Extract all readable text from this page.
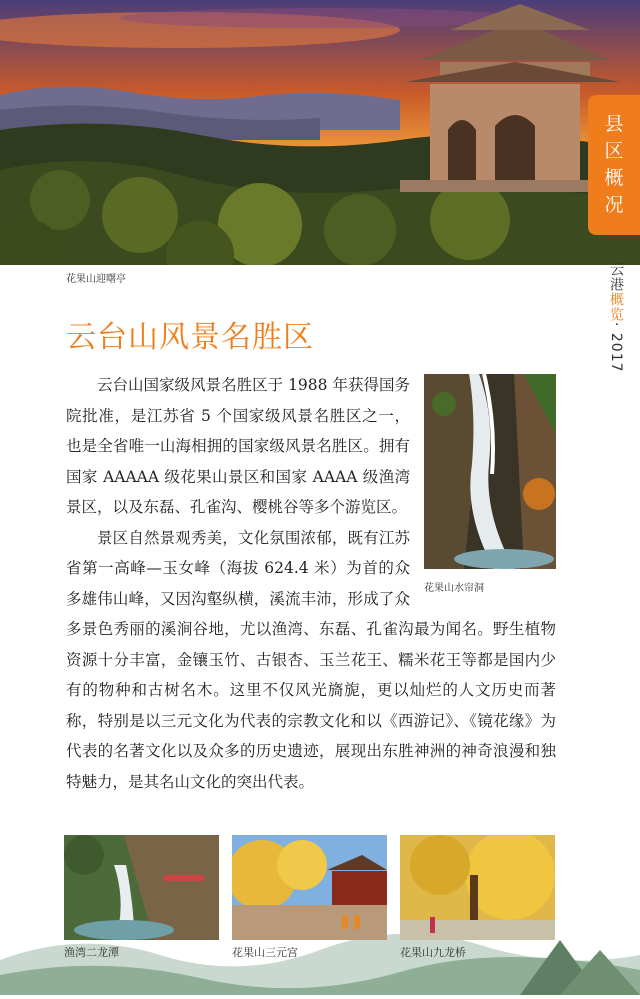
县
区
概
况
花果山迎曙亭	云港概览· 2017
云台山风景名胜区
花果山水帘洞

云台山国家级风景名胜区于 1988 年获得国务院批准，是江苏省 5 个国家级风景名胜区之一，也是全省唯一山海相拥的国家级风景名胜区。拥有国家 AAAAA 级花果山景区和国家 AAAA 级渔湾景区，以及东磊、孔雀沟、樱桃谷等多个游览区。

景区自然景观秀美，文化氛围浓郁，既有江苏省第一高峰—玉女峰（海拔 624.4 米）为首的众多雄伟山峰，又因沟壑纵横，溪流丰沛，形成了众多景色秀丽的溪涧谷地，尤以渔湾、东磊、孔雀沟最为闻名。野生植物资源十分丰富，金镶玉竹、古银杏、玉兰花王、糯米花王等都是国内少有的物种和古树名木。这里不仅风光旖旎，更以灿烂的人文历史而著称，特别是以三元文化为代表的宗教文化和以《西游记》、《镜花缘》为代表的名著文化以及众多的历史遗迹，展现出东胜神洲的神奇浪漫和独特魅力，是其名山文化的突出代表。

渔湾二龙潭	花果山三元宫	花果山九龙桥
